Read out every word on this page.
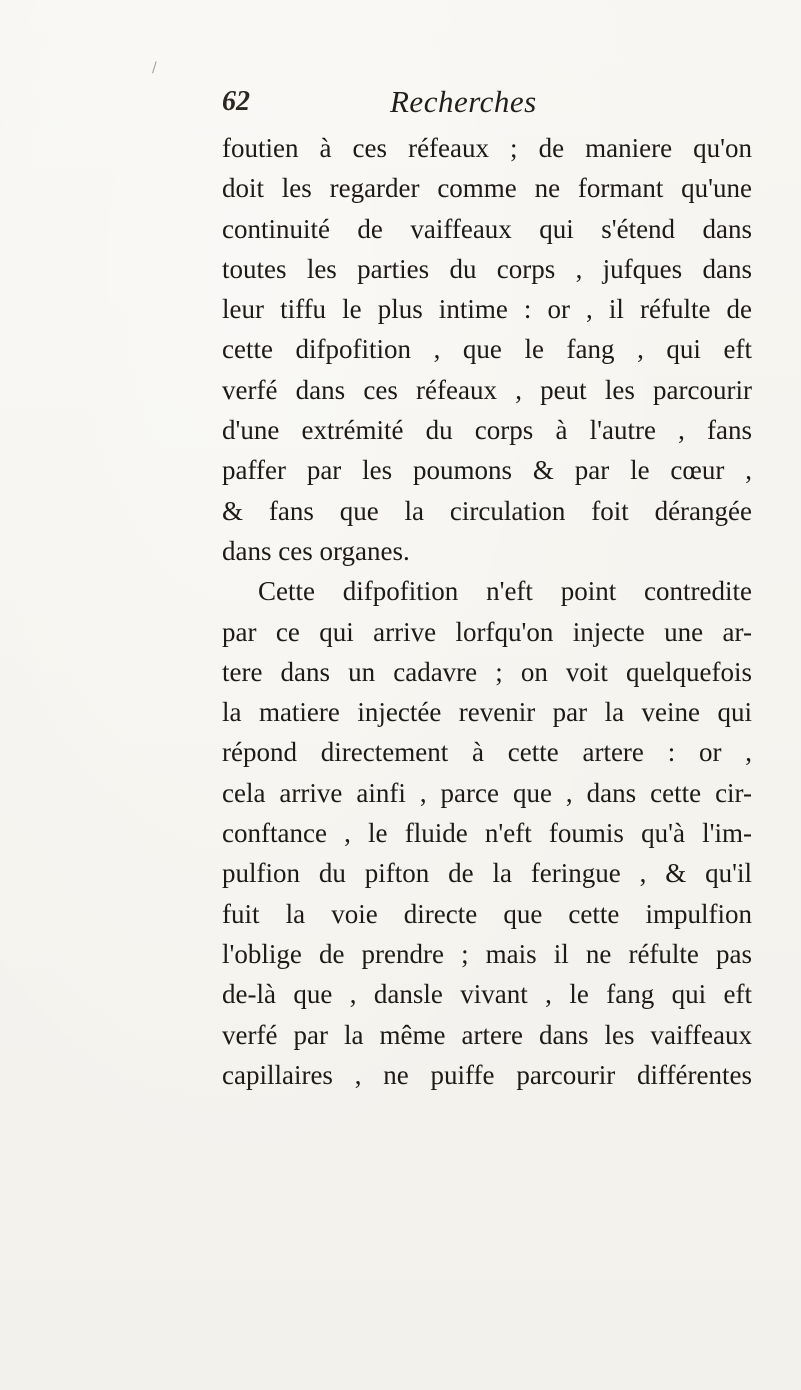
/
62	Recherches
foutien à ces réfeaux ; de maniere qu'on
doit les regarder comme ne formant qu'une
continuité de vaiffeaux qui s'étend dans
toutes les parties du corps , jufques dans
leur tiffu le plus intime : or , il réfulte de
cette difpofition , que le fang , qui eft
verfé dans ces réfeaux , peut les parcourir
d'une extrémité du corps à l'autre , fans
paffer par les poumons & par le cœur ,
& fans que la circulation foit dérangée
dans ces organes.
Cette difpofition n'eft point contredite
par ce qui arrive lorfqu'on injecte une ar-
tere dans un cadavre ; on voit quelquefois
la matiere injectée revenir par la veine qui
répond directement à cette artere : or ,
cela arrive ainfi , parce que , dans cette cir-
conftance , le fluide n'eft foumis qu'à l'im-
pulfion du pifton de la feringue , & qu'il
fuit la voie directe que cette impulfion
l'oblige de prendre ; mais il ne réfulte pas
de-là que , dansle vivant , le fang qui eft
verfé par la même artere dans les vaiffeaux
capillaires , ne puiffe parcourir différentes
